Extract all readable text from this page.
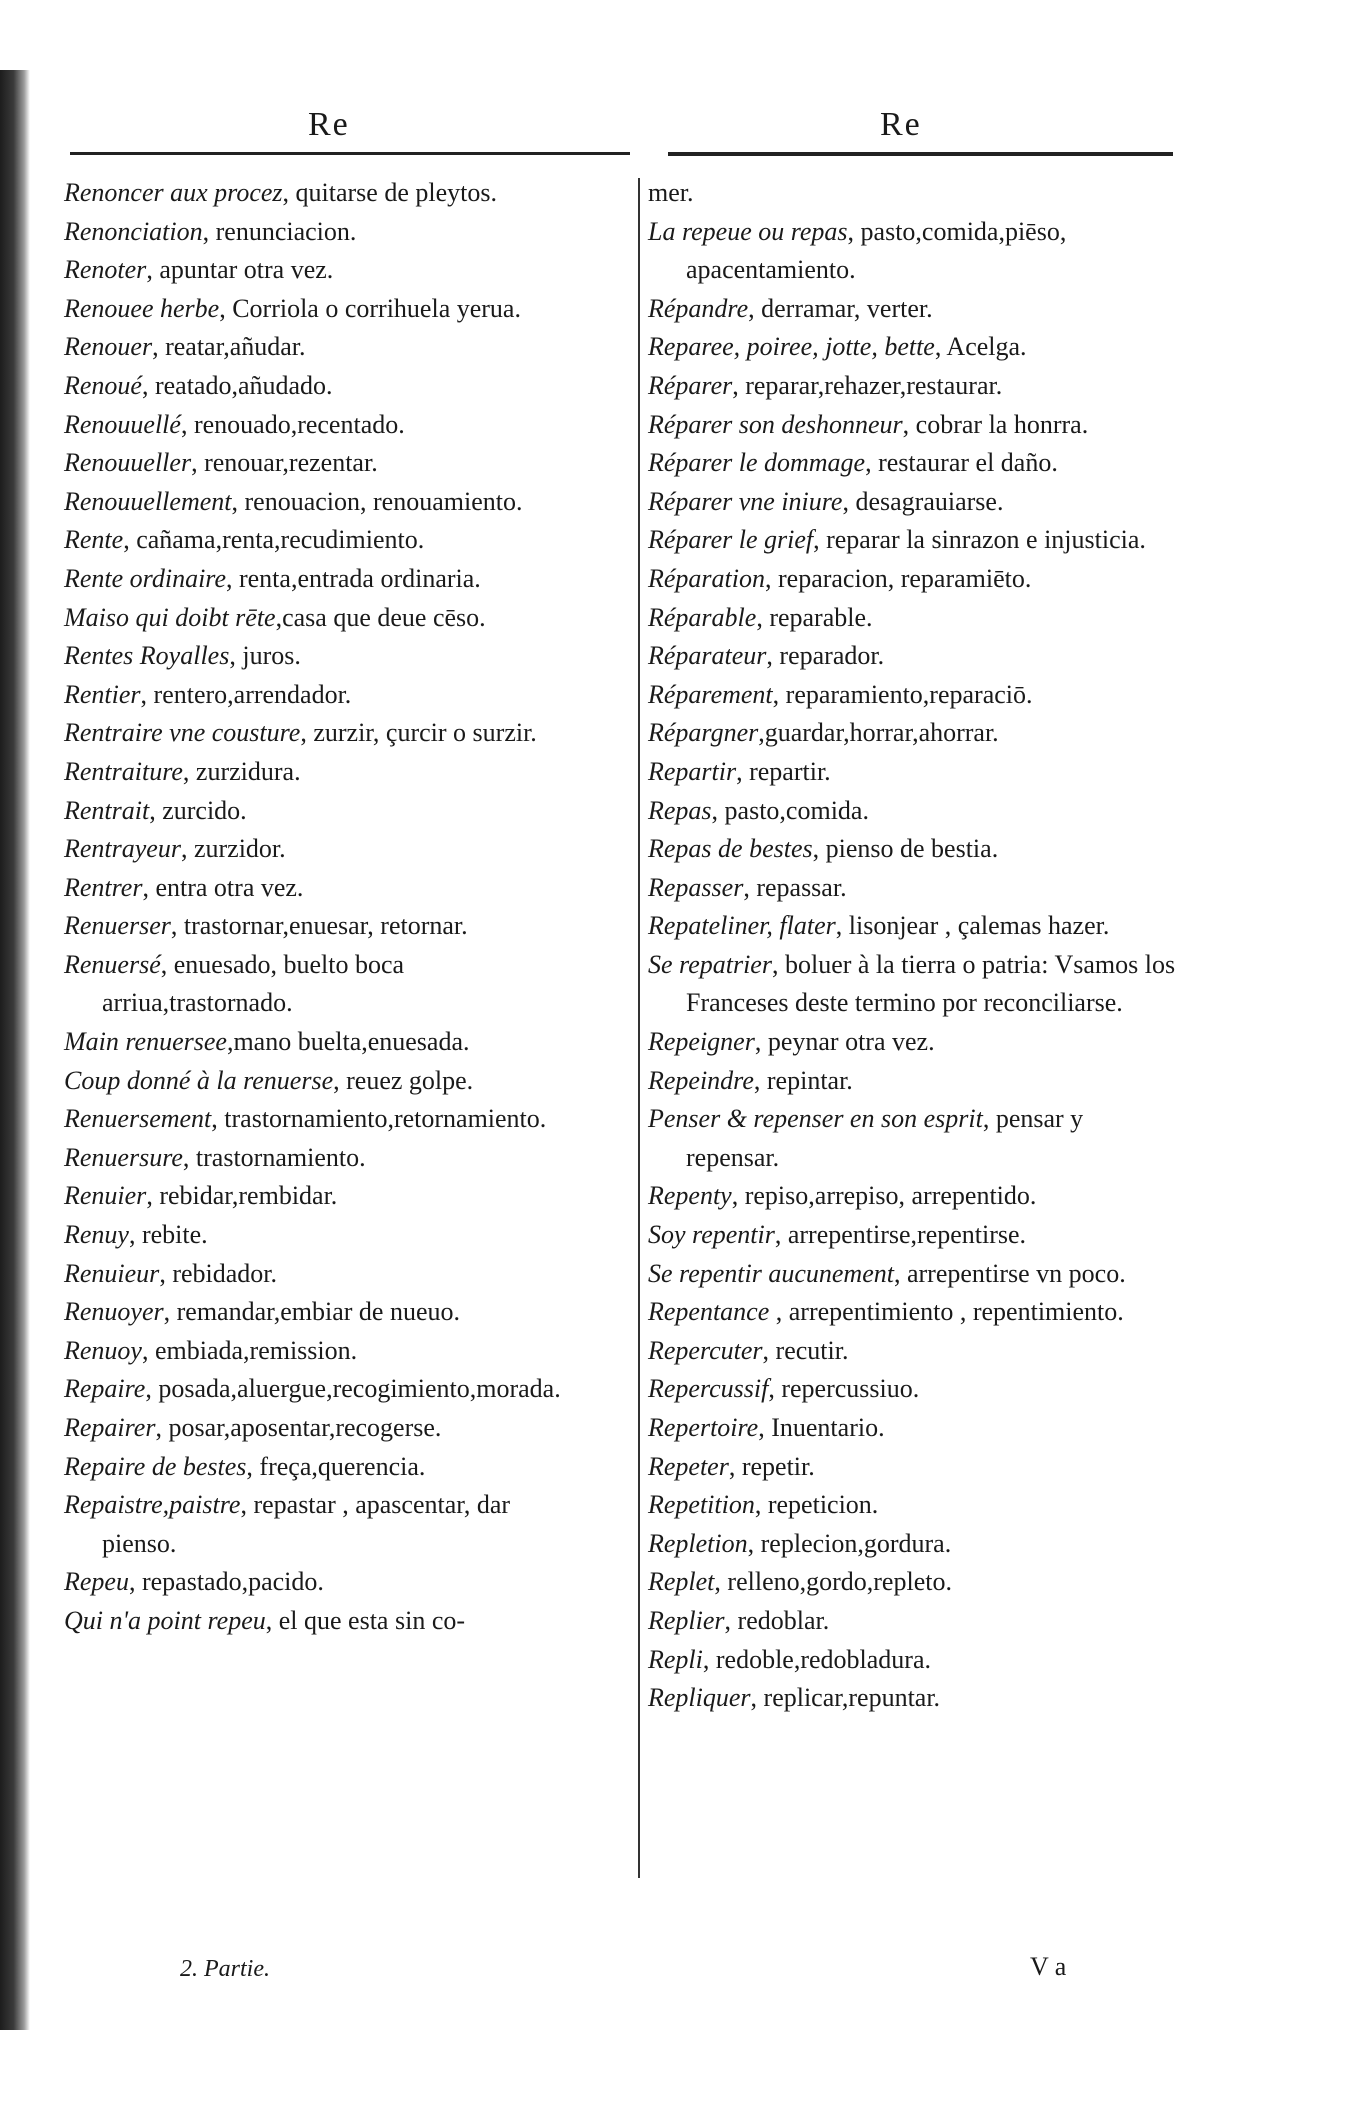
Re	Re
Renoncer aux procez, quitarse de pleytos.
Renonciation, renunciacion.
Renoter, apuntar otra vez.
Renouee herbe, Corriola o corrihuela yerua.
Renouer, reatar,añudar.
Renoué, reatado,añudado.
Renouuellé, renouado,recentado.
Renouueller, renouar,rezentar.
Renouuellement, renouacion, renouamiento.
Rente, cañama,renta,recudimiento.
Rente ordinaire, renta,entrada ordinaria.
Maiso qui doibt rēte,casa que deue cēso.
Rentes Royalles, juros.
Rentier, rentero,arrendador.
Rentraire vne cousture, zurzir, çurcir o surzir.
Rentraiture, zurzidura.
Rentrait, zurcido.
Rentrayeur, zurzidor.
Rentrer, entra otra vez.
Renuerser, trastornar,enuesar, retornar.
Renuersé, enuesado, buelto boca arriua,trastornado.
Main renuersee,mano buelta,enuesada.
Coup donné à la renuerse, reuez golpe.
Renuersement, trastornamiento,retornamiento.
Renuersure, trastornamiento.
Renuier, rebidar,rembidar.
Renuy, rebite.
Renuieur, rebidador.
Renuoyer, remandar,embiar de nueuo.
Renuoy, embiada,remission.
Repaire, posada,aluergue,recogimiento,morada.
Repairer, posar,aposentar,recogerse.
Repaire de bestes, freça,querencia.
Repaistre,paistre, repastar , apascentar, dar pienso.
Repeu, repastado,pacido.
Qui n'a point repeu, el que esta sin co-
mer.
La repeue ou repas, pasto,comida,piēso, apacentamiento.
Répandre, derramar, verter.
Reparee, poiree, jotte, bette, Acelga.
Réparer, reparar,rehazer,restaurar.
Réparer son deshonneur, cobrar la honrra.
Réparer le dommage, restaurar el daño.
Réparer vne iniure, desagrauiarse.
Réparer le grief, reparar la sinrazon e injusticia.
Réparation, reparacion, reparamiēto.
Réparable, reparable.
Réparateur, reparador.
Réparement, reparamiento,reparaciō.
Répargner,guardar,horrar,ahorrar.
Repartir, repartir.
Repas, pasto,comida.
Repas de bestes, pienso de bestia.
Repasser, repassar.
Repateliner, flater, lisonjear , çalemas hazer.
Se repatrier, boluer à la tierra o patria: Vsamos los Franceses deste termino por reconciliarse.
Repeigner, peynar otra vez.
Repeindre, repintar.
Penser & repenser en son esprit, pensar y repensar.
Repenty, repiso,arrepiso, arrepentido.
Soy repentir, arrepentirse,repentirse.
Se repentir aucunement, arrepentirse vn poco.
Repentance , arrepentimiento , repentimiento.
Repercuter, recutir.
Repercussif, repercussiuo.
Repertoire, Inuentario.
Repeter, repetir.
Repetition, repeticion.
Repletion, replecion,gordura.
Replet, relleno,gordo,repleto.
Replier, redoblar.
Repli, redoble,redobladura.
Repliquer, replicar,repuntar.
2. Partie.	V a
